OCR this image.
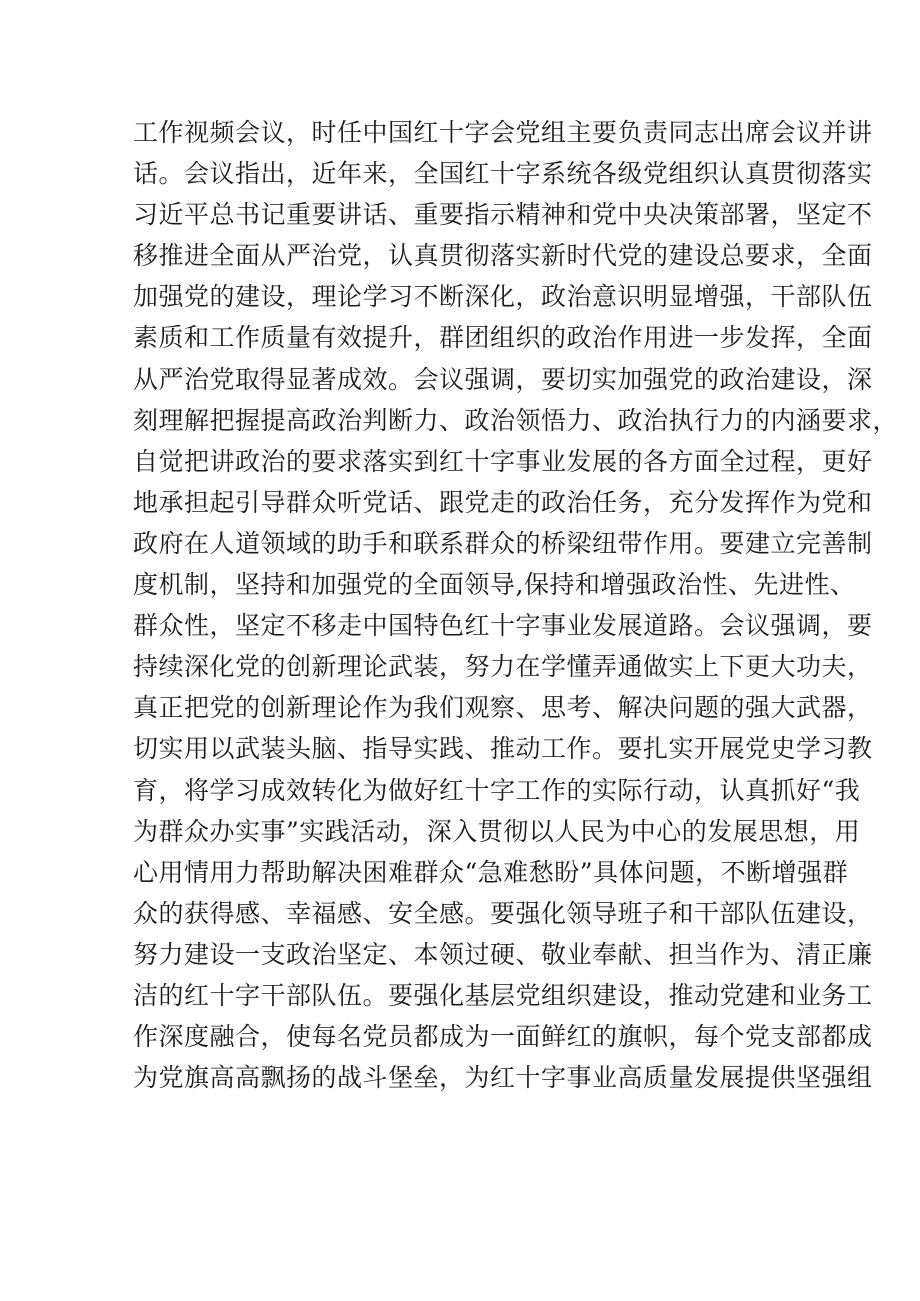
工作视频会议，时任中国红十字会党组主要负责同志出席会议并讲
话。会议指出，近年来，全国红十字系统各级党组织认真贯彻落实
习近平总书记重要讲话、重要指示精神和党中央决策部署，坚定不
移推进全面从严治党，认真贯彻落实新时代党的建设总要求，全面
加强党的建设，理论学习不断深化，政治意识明显增强，干部队伍
素质和工作质量有效提升，群团组织的政治作用进一步发挥，全面
从严治党取得显著成效。会议强调，要切实加强党的政治建设，深
刻理解把握提高政治判断力、政治领悟力、政治执行力的内涵要求，
自觉把讲政治的要求落实到红十字事业发展的各方面全过程，更好
地承担起引导群众听党话、跟党走的政治任务，充分发挥作为党和
政府在人道领域的助手和联系群众的桥梁纽带作用。要建立完善制
度机制，坚持和加强党的全面领导,保持和增强政治性、先进性、
群众性，坚定不移走中国特色红十字事业发展道路。会议强调，要
持续深化党的创新理论武装，努力在学懂弄通做实上下更大功夫，
真正把党的创新理论作为我们观察、思考、解决问题的强大武器，
切实用以武装头脑、指导实践、推动工作。要扎实开展党史学习教
育，将学习成效转化为做好红十字工作的实际行动，认真抓好“我
为群众办实事”实践活动，深入贯彻以人民为中心的发展思想，用
心用情用力帮助解决困难群众“急难愁盼”具体问题，不断增强群
众的获得感、幸福感、安全感。要强化领导班子和干部队伍建设，
努力建设一支政治坚定、本领过硬、敬业奉献、担当作为、清正廉
洁的红十字干部队伍。要强化基层党组织建设，推动党建和业务工
作深度融合，使每名党员都成为一面鲜红的旗帜，每个党支部都成
为党旗高高飘扬的战斗堡垒，为红十字事业高质量发展提供坚强组
